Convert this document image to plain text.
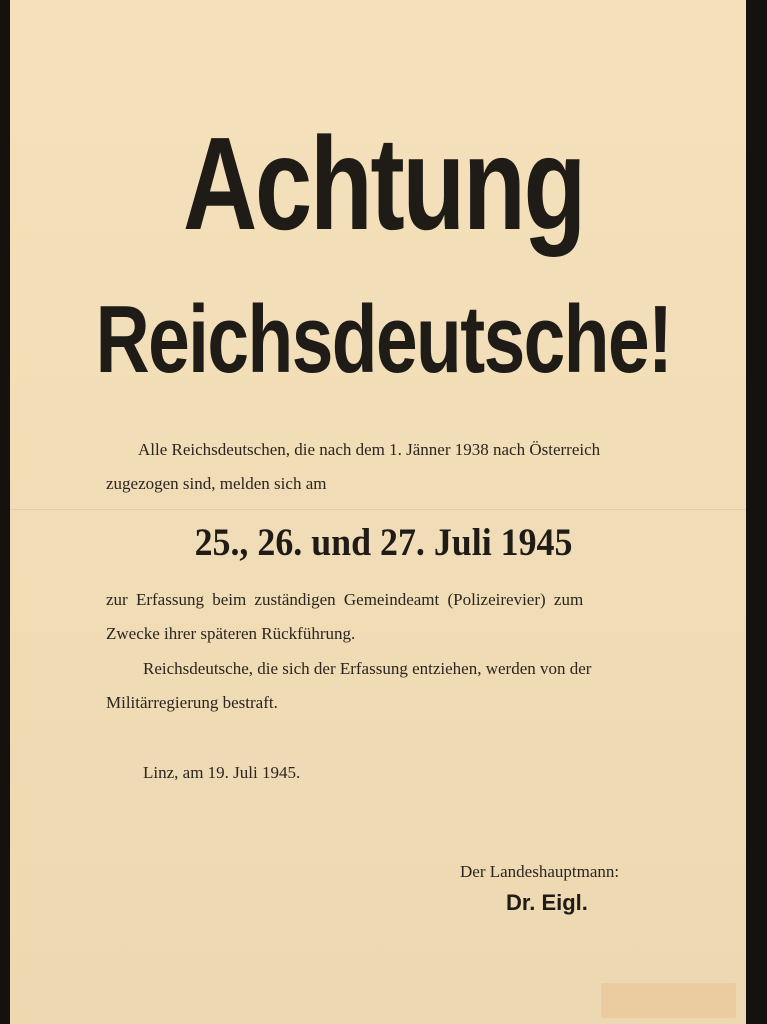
Achtung
Reichsdeutsche!

Alle Reichsdeutschen, die nach dem 1. Jänner 1938 nach Österreich

zugezogen sind, melden sich am

25., 26. und 27. Juli 1945

zur Erfassung beim zuständigen Gemeindeamt (Polizeirevier) zum

Zwecke ihrer späteren Rückführung.

Reichsdeutsche, die sich der Erfassung entziehen, werden von der

Militärregierung bestraft.

Linz, am 19. Juli 1945.

Der Landeshauptmann:

Dr. Eigl.
